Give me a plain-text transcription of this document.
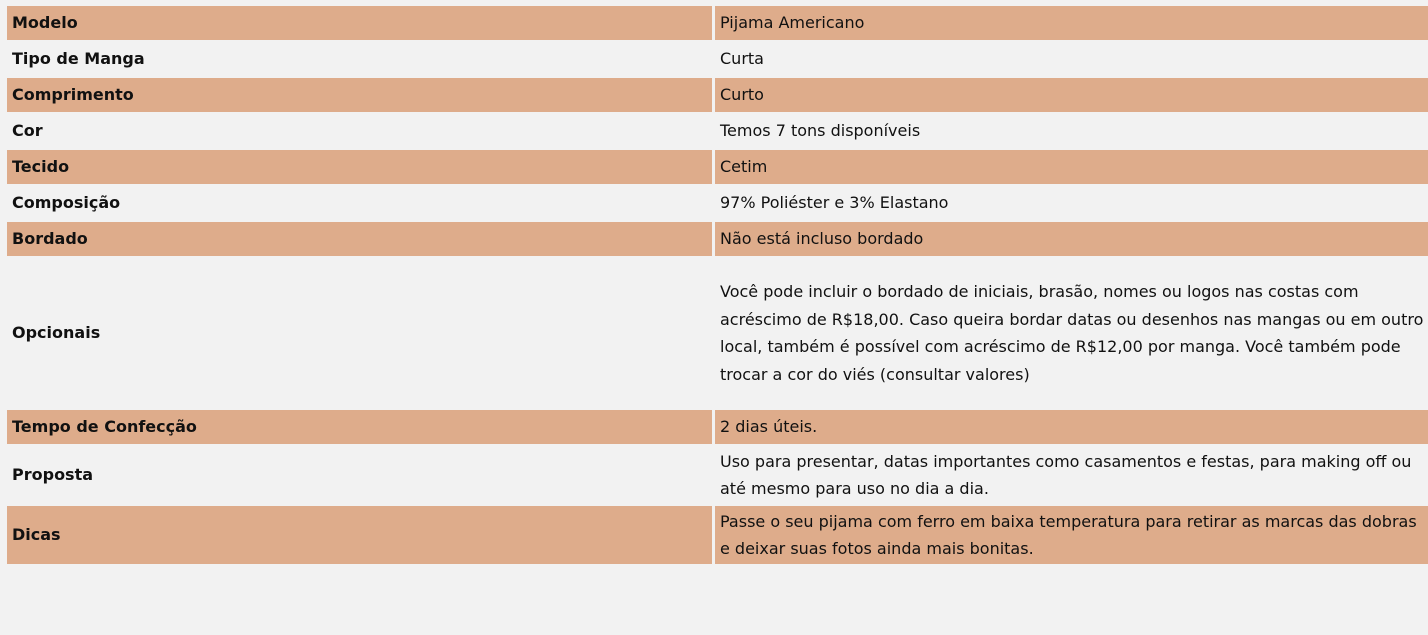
Modelo	Pijama Americano
Tipo de Manga	Curta
Comprimento	Curto
Cor	Temos 7 tons disponíveis
Tecido	Cetim
Composição	97% Poliéster e 3% Elastano
Bordado	Não está incluso bordado
Opcionais	Você pode incluir o bordado de iniciais, brasão, nomes ou logos nas costas com acréscimo de R$18,00. Caso queira bordar datas ou desenhos nas mangas ou em outro local, também é possível com acréscimo de R$12,00 por manga. Você também pode trocar a cor do viés (consultar valores)
Tempo de Confecção	2 dias úteis.
Proposta	Uso para presentar, datas importantes como casamentos e festas, para making off ou até mesmo para uso no dia a dia.
Dicas	Passe o seu pijama com ferro em baixa temperatura para retirar as marcas das dobras e deixar suas fotos ainda mais bonitas.
